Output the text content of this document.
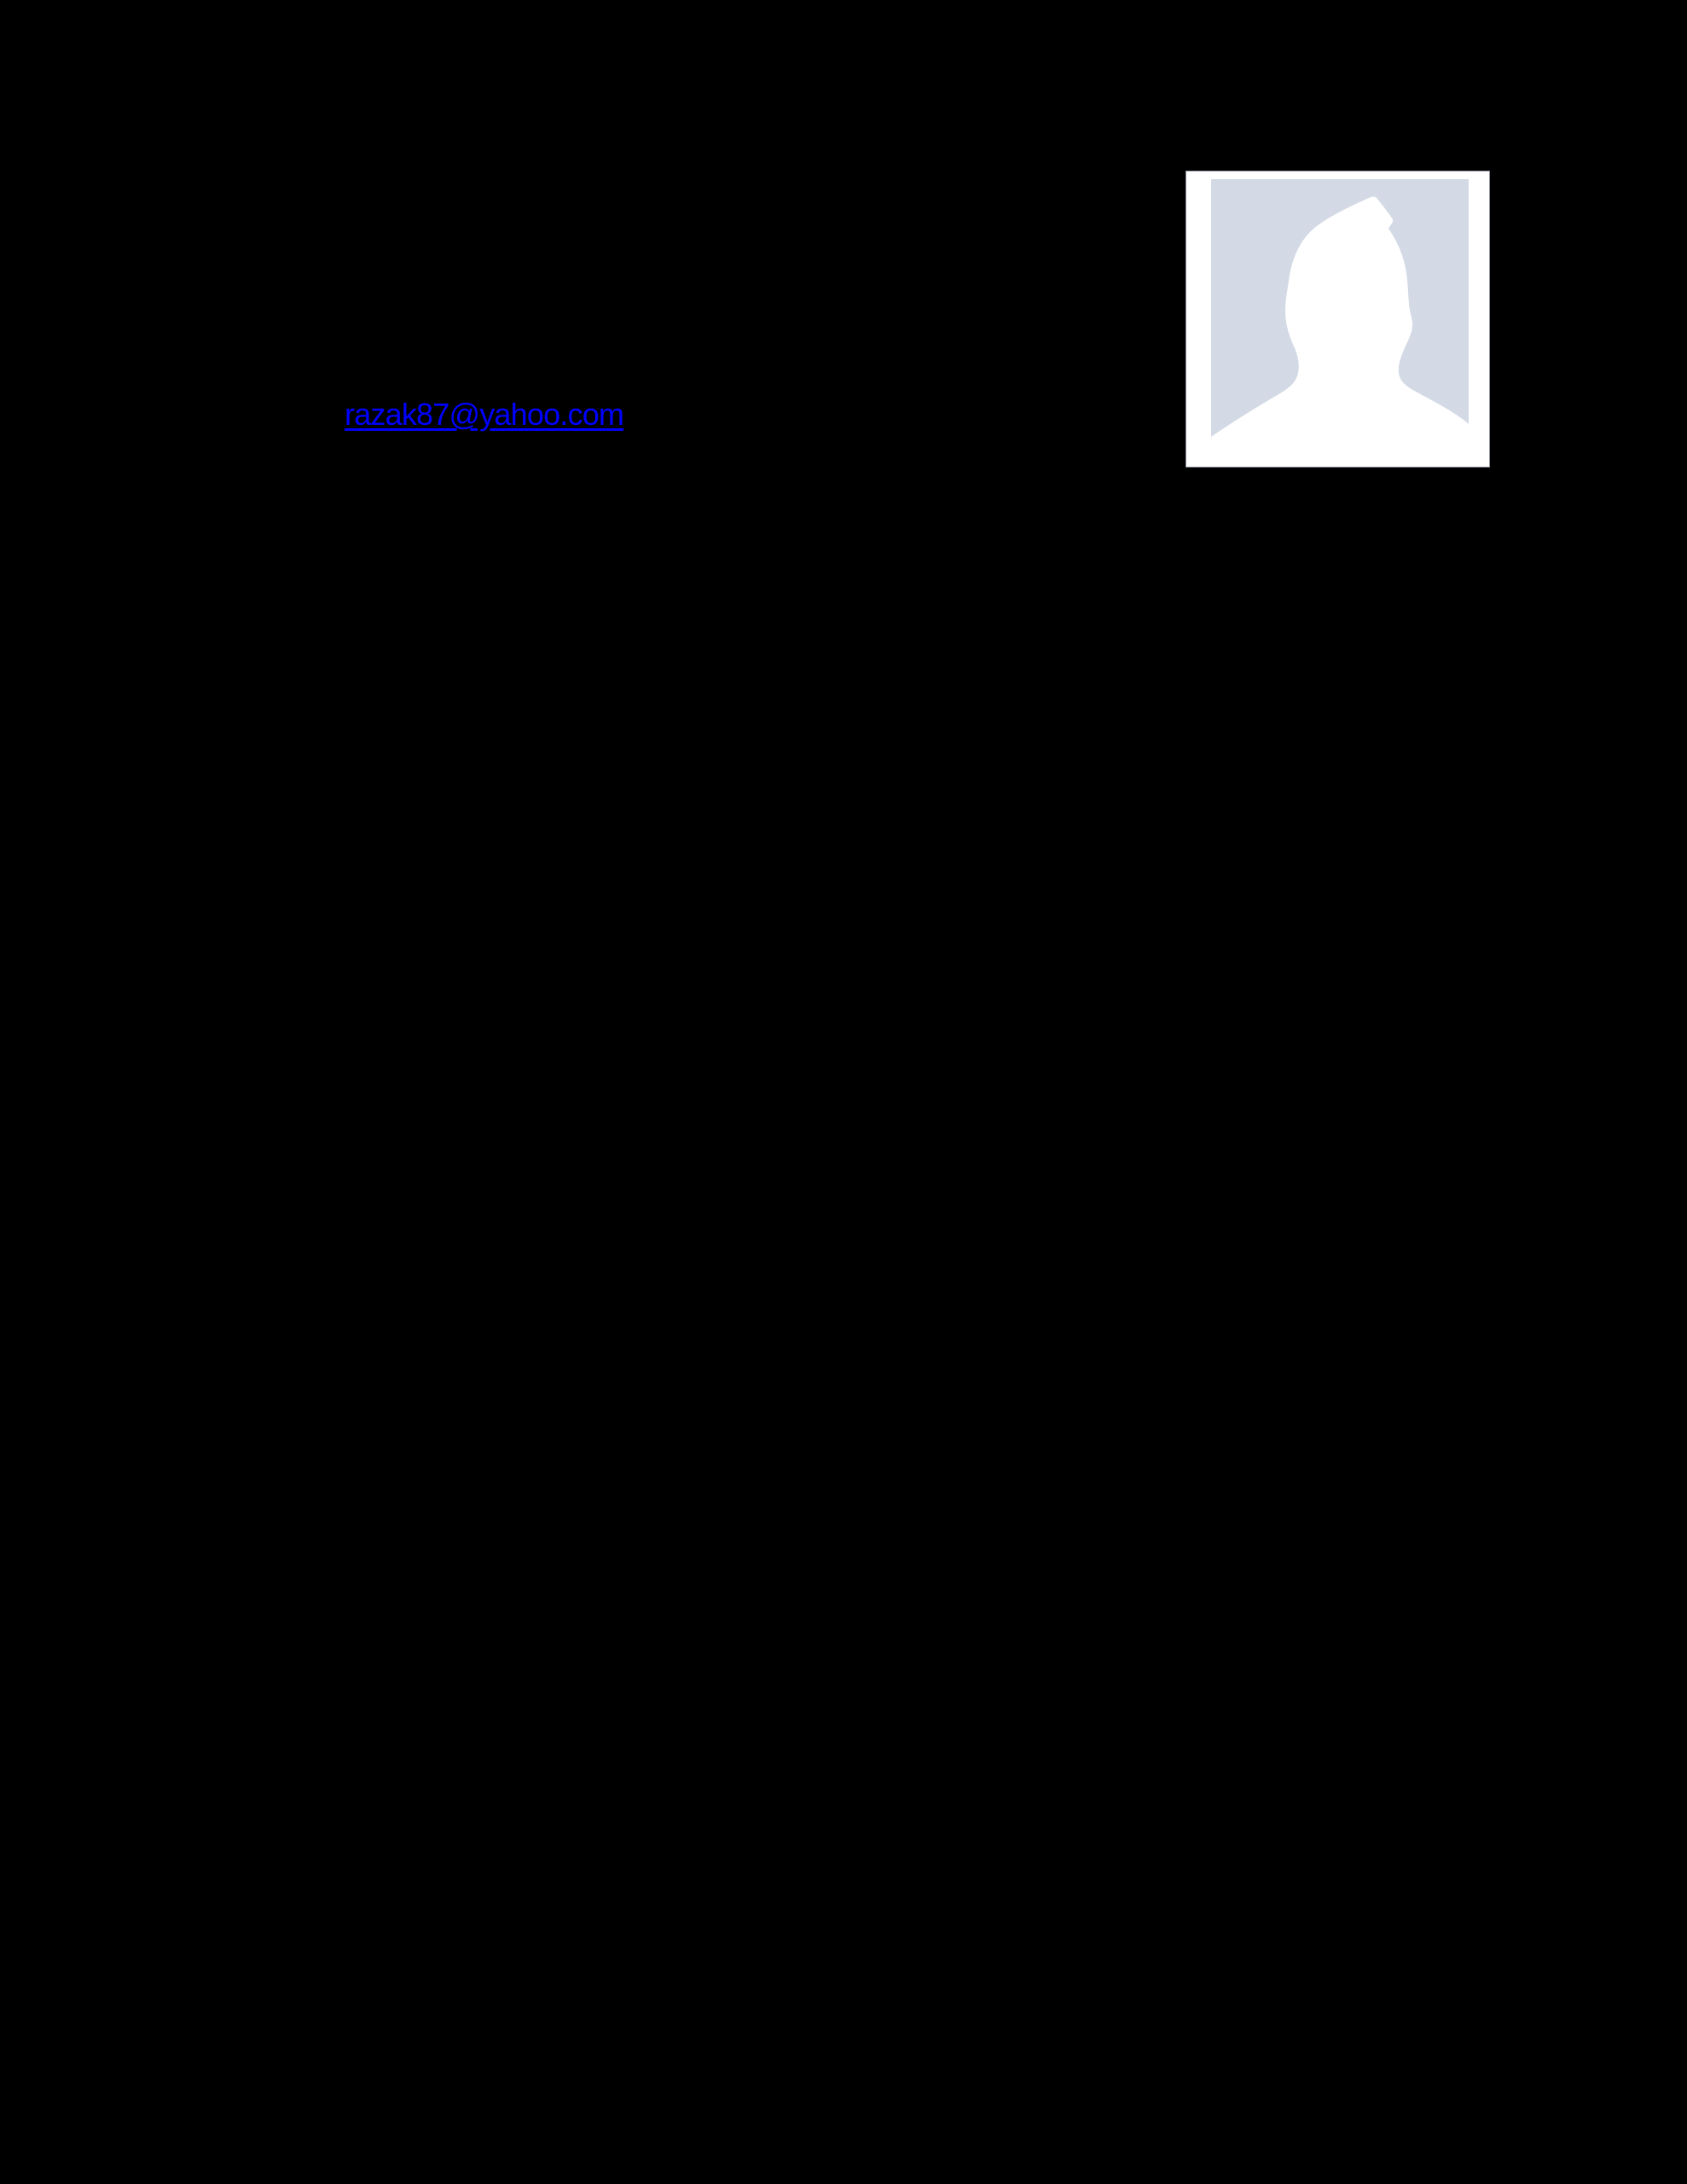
razak87@yahoo.com
